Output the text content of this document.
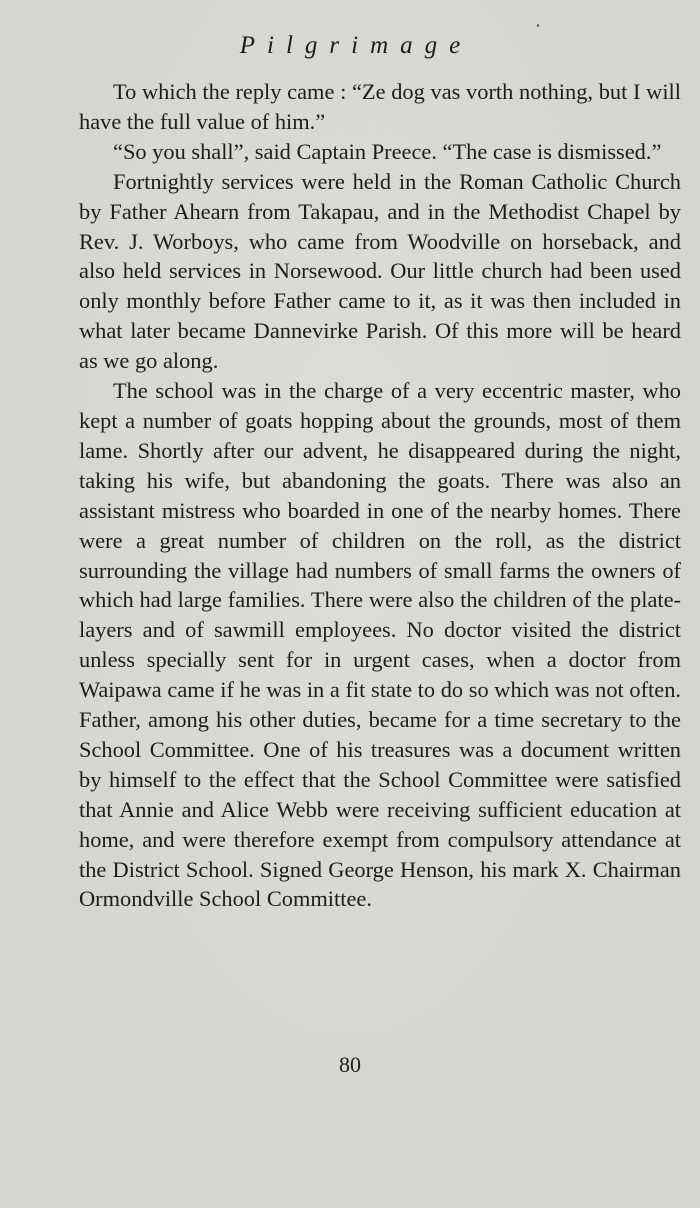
Pilgrimage

To which the reply came : “Ze dog vas vorth nothing, but I will have the full value of him.”

“So you shall”, said Captain Preece. “The case is dismissed.”

Fortnightly services were held in the Roman Catholic Church by Father Ahearn from Takapau, and in the Methodist Chapel by Rev. J. Worboys, who came from Woodville on horseback, and also held services in Norsewood. Our little church had been used only monthly before Father came to it, as it was then included in what later became Dannevirke Parish. Of this more will be heard as we go along.

The school was in the charge of a very eccentric master, who kept a number of goats hopping about the grounds, most of them lame. Shortly after our advent, he disappeared during the night, taking his wife, but abandoning the goats. There was also an assistant mistress who boarded in one of the nearby homes. There were a great number of children on the roll, as the district surrounding the village had numbers of small farms the owners of which had large families. There were also the children of the plate-layers and of sawmill employees. No doctor visited the district unless specially sent for in urgent cases, when a doctor from Waipawa came if he was in a fit state to do so which was not often. Father, among his other duties, became for a time secretary to the School Committee. One of his treasures was a document written by himself to the effect that the School Committee were satisfied that Annie and Alice Webb were receiving sufficient education at home, and were therefore exempt from compulsory attendance at the District School. Signed George Henson, his mark X. Chairman Ormondville School Committee.

80
